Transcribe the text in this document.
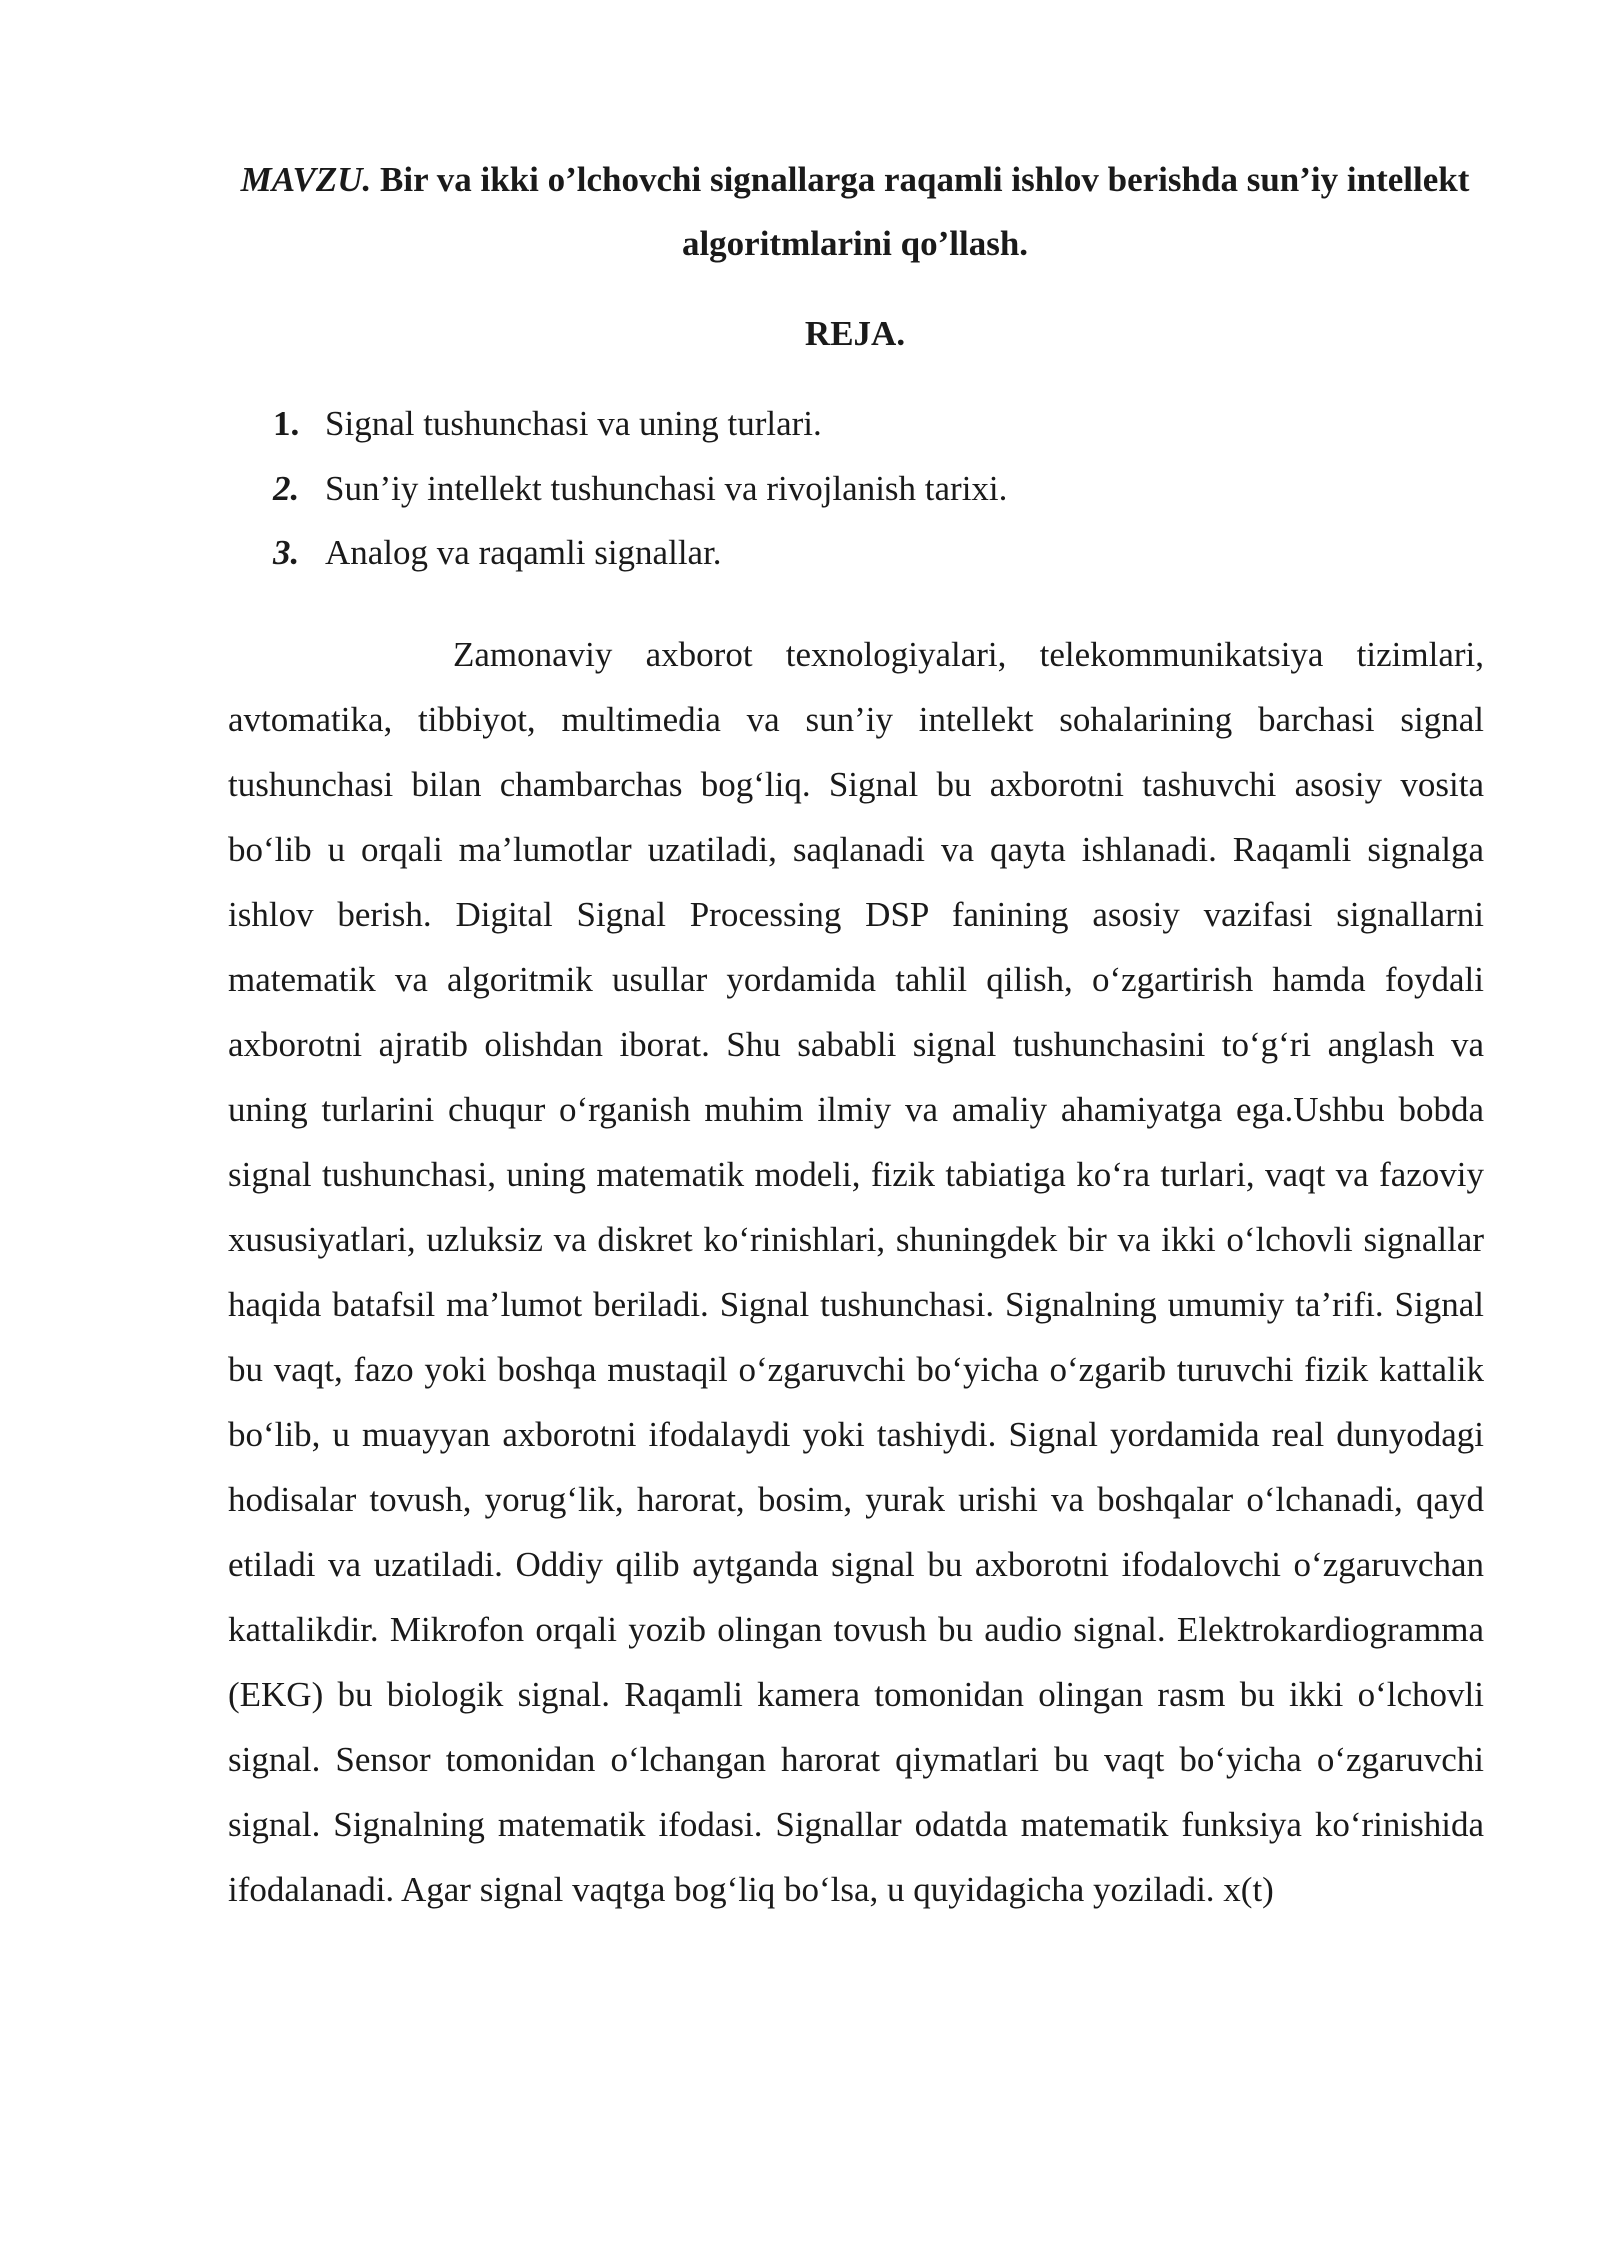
MAVZU. Bir va ikki o’lchovchi signallarga raqamli ishlov berishda sun’iy intellekt algoritmlarini qo’llash.
REJA.
1. Signal tushunchasi va uning turlari.
2. Sun’iy intellekt tushunchasi va rivojlanish tarixi.
3. Analog va raqamli signallar.

Zamonaviy axborot texnologiyalari, telekommunikatsiya tizimlari, avtomatika, tibbiyot, multimedia va sun’iy intellekt sohalarining barchasi signal tushunchasi bilan chambarchas bog‘liq. Signal bu axborotni tashuvchi asosiy vosita bo‘lib u orqali ma’lumotlar uzatiladi, saqlanadi va qayta ishlanadi. Raqamli signalga ishlov berish. Digital Signal Processing DSP fanining asosiy vazifasi signallarni matematik va algoritmik usullar yordamida tahlil qilish, o‘zgartirish hamda foydali axborotni ajratib olishdan iborat. Shu sababli signal tushunchasini to‘g‘ri anglash va uning turlarini chuqur o‘rganish muhim ilmiy va amaliy ahamiyatga ega.Ushbu bobda signal tushunchasi, uning matematik modeli, fizik tabiatiga ko‘ra turlari, vaqt va fazoviy xususiyatlari, uzluksiz va diskret ko‘rinishlari, shuningdek bir va ikki o‘lchovli signallar haqida batafsil ma’lumot beriladi. Signal tushunchasi. Signalning umumiy ta’rifi. Signal bu vaqt, fazo yoki boshqa mustaqil o‘zgaruvchi bo‘yicha o‘zgarib turuvchi fizik kattalik bo‘lib, u muayyan axborotni ifodalaydi yoki tashiydi. Signal yordamida real dunyodagi hodisalar tovush, yorug‘lik, harorat, bosim, yurak urishi va boshqalar o‘lchanadi, qayd etiladi va uzatiladi. Oddiy qilib aytganda signal bu axborotni ifodalovchi o‘zgaruvchan kattalikdir. Mikrofon orqali yozib olingan tovush bu audio signal. Elektrokardiogramma (EKG) bu biologik signal. Raqamli kamera tomonidan olingan rasm bu ikki o‘lchovli signal. Sensor tomonidan o‘lchangan harorat qiymatlari bu vaqt bo‘yicha o‘zgaruvchi signal. Signalning matematik ifodasi. Signallar odatda matematik funksiya ko‘rinishida ifodalanadi. Agar signal vaqtga bog‘liq bo‘lsa, u quyidagicha yoziladi. x(t)
